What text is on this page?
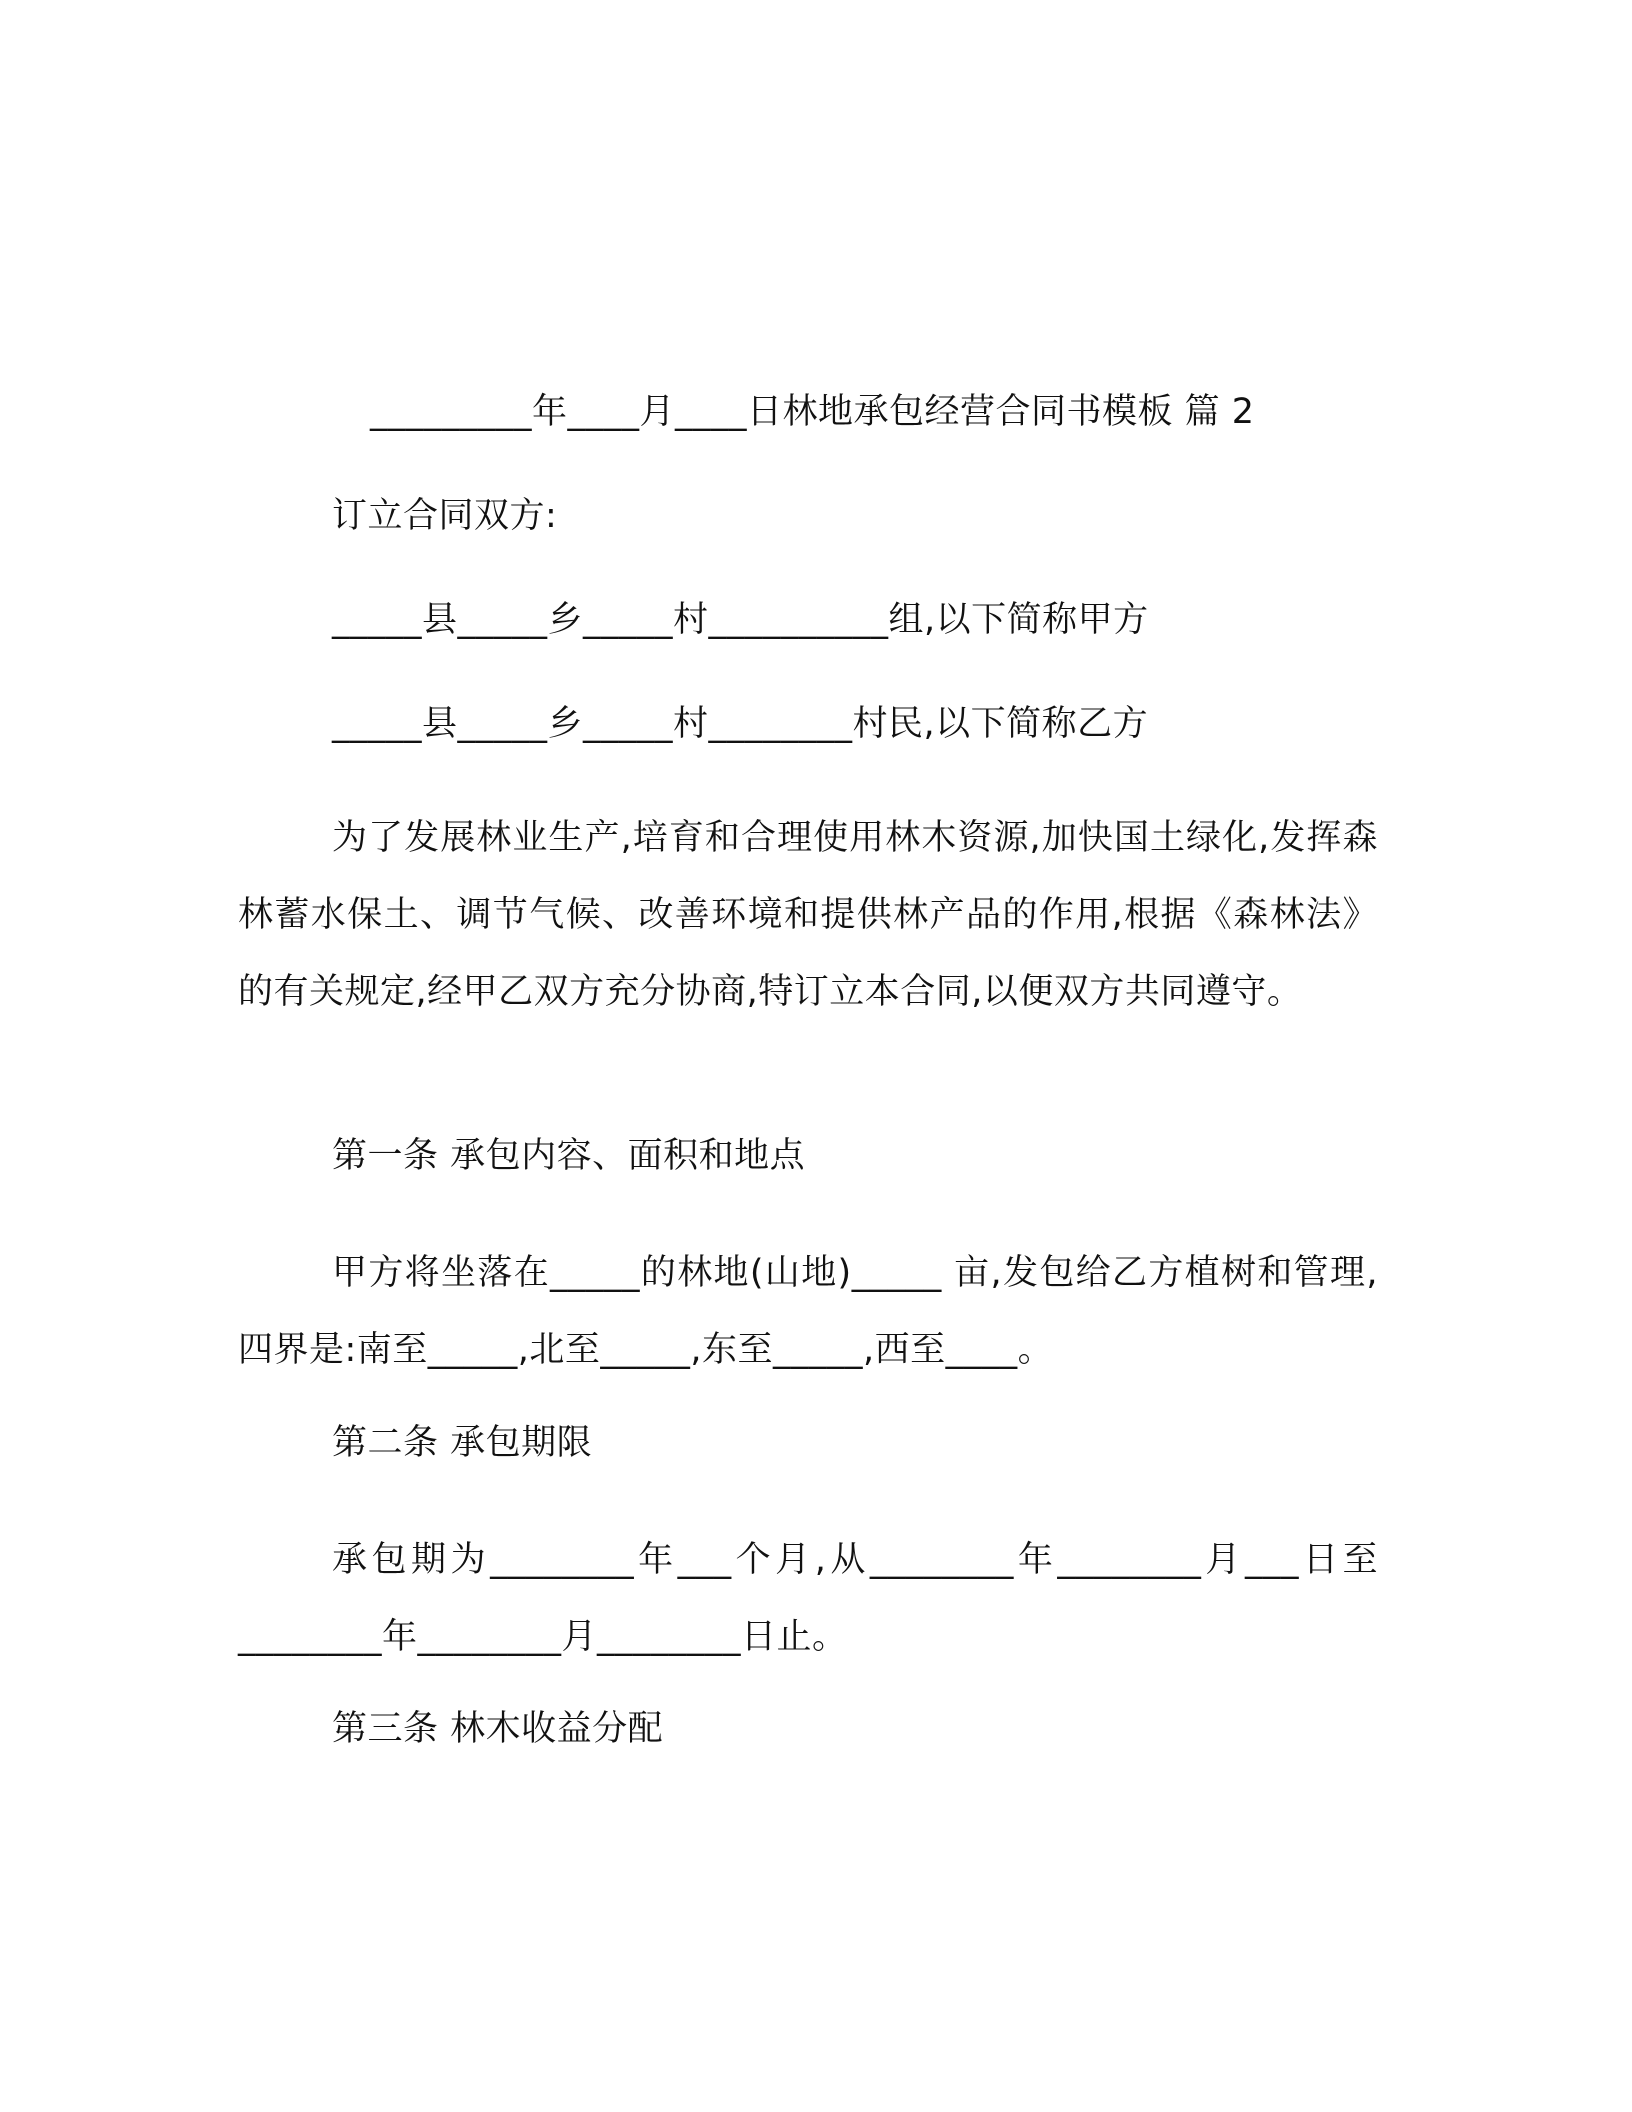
_________年____月____日林地承包经营合同书模板 篇 2
订立合同双方:
_____县_____乡_____村__________组,以下简称甲方
_____县_____乡_____村________村民,以下简称乙方
为了发展林业生产,培育和合理使用林木资源,加快国土绿化,发挥森林蓄水保土、调节气候、改善环境和提供林产品的作用,根据《森林法》的有关规定,经甲乙双方充分协商,特订立本合同,以便双方共同遵守。
第一条 承包内容、面积和地点
甲方将坐落在_____的林地(山地)_____ 亩,发包给乙方植树和管理,四界是:南至_____,北至_____,东至_____,西至____。
第二条 承包期限
承包期为________年___个月,从________年________月___日至________年________月________日止。
第三条 林木收益分配
